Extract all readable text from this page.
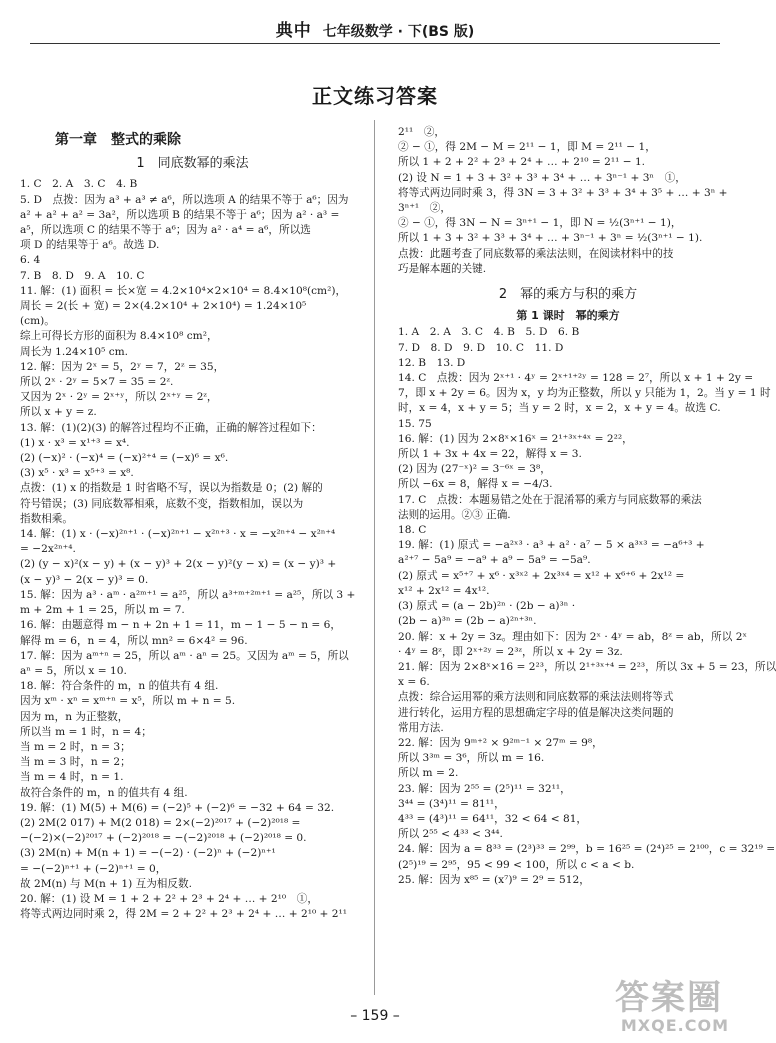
典中 七年级数学 · 下(BS 版)
正文练习答案
第一章　整式的乘除
1　同底数幂的乘法
1. C　2. A　3. C　4. B
5. D　点拨：因为 a³ + a³ ≠ a⁶，所以选项 A 的结果不等于 a⁶；因为
a² + a² + a² = 3a²，所以选项 B 的结果不等于 a⁶；因为 a² · a³ =
a⁵，所以选项 C 的结果不等于 a⁶；因为 a² · a⁴ = a⁶，所以选
项 D 的结果等于 a⁶。故选 D.
6. 4
7. B　8. D　9. A　10. C
11. 解：(1) 面积 = 长×宽 = 4.2×10⁴×2×10⁴ = 8.4×10⁸(cm²)，
周长 = 2(长 + 宽) = 2×(4.2×10⁴ + 2×10⁴) = 1.24×10⁵
(cm)。
综上可得长方形的面积为 8.4×10⁸ cm²，
周长为 1.24×10⁵ cm.
12. 解：因为 2ˣ = 5，2ʸ = 7，2ᶻ = 35，
所以 2ˣ · 2ʸ = 5×7 = 35 = 2ᶻ.
又因为 2ˣ · 2ʸ = 2ˣ⁺ʸ，所以 2ˣ⁺ʸ = 2ᶻ，
所以 x + y = z.
13. 解：(1)(2)(3) 的解答过程均不正确，正确的解答过程如下：
(1) x · x³ = x¹⁺³ = x⁴.
(2) (−x)² · (−x)⁴ = (−x)²⁺⁴ = (−x)⁶ = x⁶.
(3) x⁵ · x³ = x⁵⁺³ = x⁸.
点拨：(1) x 的指数是 1 时省略不写，误以为指数是 0；(2) 解的
符号错误；(3) 同底数幂相乘，底数不变，指数相加，误以为
指数相乘。
14. 解：(1) x · (−x)²ⁿ⁺¹ · (−x)²ⁿ⁺¹ − x²ⁿ⁺³ · x = −x²ⁿ⁺⁴ − x²ⁿ⁺⁴
= −2x²ⁿ⁺⁴.
(2) (y − x)²(x − y) + (x − y)³ + 2(x − y)²(y − x) = (x − y)³ +
(x − y)³ − 2(x − y)³ = 0.
15. 解：因为 a³ · aᵐ · a²ᵐ⁺¹ = a²⁵，所以 a³⁺ᵐ⁺²ᵐ⁺¹ = a²⁵，所以 3 +
m + 2m + 1 = 25，所以 m = 7.
16. 解：由题意得 m − n + 2n + 1 = 11，m − 1 − 5 − n = 6，
解得 m = 6，n = 4，所以 mn² = 6×4² = 96.
17. 解：因为 aᵐ⁺ⁿ = 25，所以 aᵐ · aⁿ = 25。又因为 aᵐ = 5，所以
aⁿ = 5，所以 x = 10.
18. 解：符合条件的 m，n 的值共有 4 组.
因为 xᵐ · xⁿ = xᵐ⁺ⁿ = x⁵，所以 m + n = 5.
因为 m，n 为正整数，
所以当 m = 1 时，n = 4；
当 m = 2 时，n = 3；
当 m = 3 时，n = 2；
当 m = 4 时，n = 1.
故符合条件的 m，n 的值共有 4 组.
19. 解：(1) M(5) + M(6) = (−2)⁵ + (−2)⁶ = −32 + 64 = 32.
(2) 2M(2 017) + M(2 018) = 2×(−2)²⁰¹⁷ + (−2)²⁰¹⁸ =
−(−2)×(−2)²⁰¹⁷ + (−2)²⁰¹⁸ = −(−2)²⁰¹⁸ + (−2)²⁰¹⁸ = 0.
(3) 2M(n) + M(n + 1) = −(−2) · (−2)ⁿ + (−2)ⁿ⁺¹
= −(−2)ⁿ⁺¹ + (−2)ⁿ⁺¹ = 0，
故 2M(n) 与 M(n + 1) 互为相反数.
20. 解：(1) 设 M = 1 + 2 + 2² + 2³ + 2⁴ + … + 2¹⁰　①，
将等式两边同时乘 2，得 2M = 2 + 2² + 2³ + 2⁴ + … + 2¹⁰ + 2¹¹
2¹¹　②，
② − ①，得 2M − M = 2¹¹ − 1，即 M = 2¹¹ − 1，
所以 1 + 2 + 2² + 2³ + 2⁴ + … + 2¹⁰ = 2¹¹ − 1.
(2) 设 N = 1 + 3 + 3² + 3³ + 3⁴ + … + 3ⁿ⁻¹ + 3ⁿ　①，
将等式两边同时乘 3，得 3N = 3 + 3² + 3³ + 3⁴ + 3⁵ + … + 3ⁿ +
3ⁿ⁺¹　②，
② − ①，得 3N − N = 3ⁿ⁺¹ − 1，即 N = ½(3ⁿ⁺¹ − 1)，
所以 1 + 3 + 3² + 3³ + 3⁴ + … + 3ⁿ⁻¹ + 3ⁿ = ½(3ⁿ⁺¹ − 1).
点拨：此题考查了同底数幂的乘法法则，在阅读材料中的技
巧是解本题的关键.
2　幂的乘方与积的乘方
第 1 课时　幂的乘方
1. A　2. A　3. C　4. B　5. D　6. B
7. D　8. D　9. D　10. C　11. D
12. B　13. D
14. C　点拨：因为 2ˣ⁺¹ · 4ʸ = 2ˣ⁺¹⁺²ʸ = 128 = 2⁷，所以 x + 1 + 2y =
7，即 x + 2y = 6。因为 x，y 均为正整数，所以 y 只能为 1，2。当 y = 1 时
时，x = 4，x + y = 5；当 y = 2 时，x = 2，x + y = 4。故选 C.
15. 75
16. 解：(1) 因为 2×8ˣ×16ˣ = 2¹⁺³ˣ⁺⁴ˣ = 2²²，
所以 1 + 3x + 4x = 22，解得 x = 3.
(2) 因为 (27⁻ˣ)² = 3⁻⁶ˣ = 3⁸，
所以 −6x = 8，解得 x = −4/3.
17. C　点拨：本题易错之处在于混淆幂的乘方与同底数幂的乘法
法则的运用。②③ 正确.
18. C
19. 解：(1) 原式 = −a²ˣ³ · a³ + a² · a⁷ − 5 × a³ˣ³ = −a⁶⁺³ +
a²⁺⁷ − 5a⁹ = −a⁹ + a⁹ − 5a⁹ = −5a⁹.
(2) 原式 = x⁵⁺⁷ + x⁶ · x³ˣ² + 2x³ˣ⁴ = x¹² + x⁶⁺⁶ + 2x¹² =
x¹² + 2x¹² = 4x¹².
(3) 原式 = (a − 2b)²ⁿ · (2b − a)³ⁿ ·
(2b − a)³ⁿ = (2b − a)²ⁿ⁺³ⁿ.
20. 解：x + 2y = 3z。理由如下：因为 2ˣ · 4ʸ = ab，8ᶻ = ab，所以 2ˣ
· 4ʸ = 8ᶻ，即 2ˣ⁺²ʸ = 2³ᶻ，所以 x + 2y = 3z.
21. 解：因为 2×8ˣ×16 = 2²³，所以 2¹⁺³ˣ⁺⁴ = 2²³，所以 3x + 5 = 23，所以
x = 6.
点拨：综合运用幂的乘方法则和同底数幂的乘法法则将等式
进行转化，运用方程的思想确定字母的值是解决这类问题的
常用方法.
22. 解：因为 9ᵐ⁺² × 9²ᵐ⁻¹ × 27ᵐ = 9⁸，
所以 3³ᵐ = 3⁶，所以 m = 16.
所以 m = 2.
23. 解：因为 2⁵⁵ = (2⁵)¹¹ = 32¹¹，
3⁴⁴ = (3⁴)¹¹ = 81¹¹，
4³³ = (4³)¹¹ = 64¹¹，32 < 64 < 81，
所以 2⁵⁵ < 4³³ < 3⁴⁴.
24. 解：因为 a = 8³³ = (2³)³³ = 2⁹⁹，b = 16²⁵ = (2⁴)²⁵ = 2¹⁰⁰，c = 32¹⁹ =
(2⁵)¹⁹ = 2⁹⁵，95 < 99 < 100，所以 c < a < b.
25. 解：因为 x⁸⁵ = (x⁷)⁹ = 2⁹ = 512，
– 159 –	答案圈
MXQE.COM
